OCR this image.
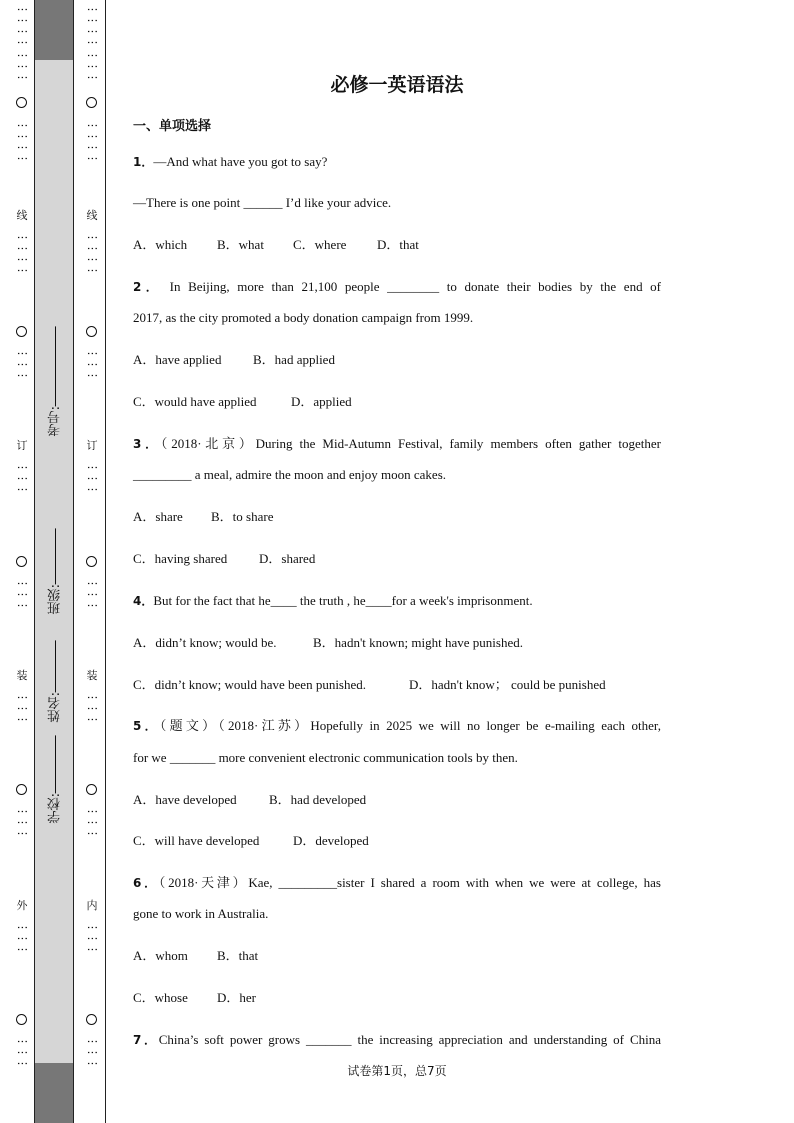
⋮⋮⋮⋮
⋮⋮⋮
⋮⋮⋮⋮
线
⋮⋮⋮⋮
⋮⋮⋮
订
⋮⋮⋮
⋮⋮⋮
装
⋮⋮⋮
⋮⋮⋮
外
⋮⋮⋮
⋮⋮⋮
学校:
姓名:
班级:
考号:
⋮⋮⋮⋮
⋮⋮⋮
⋮⋮⋮⋮
线
⋮⋮⋮⋮
⋮⋮⋮
订
⋮⋮⋮
⋮⋮⋮
装
⋮⋮⋮
⋮⋮⋮
内
⋮⋮⋮
⋮⋮⋮
必修一英语语法
一、单项选择
1．—And what have you got to say?
—There is one point ______ I’d like your advice.
A．which B．what C．where D．that
2． In Beijing, more than 21,100 people ________ to donate their bodies by the end of
2017, as the city promoted a body donation campaign from 1999.
A．have applied B．had applied
C．would have applied	D．applied
3．（2018·北京）During the Mid-Autumn Festival, family members often gather together
_________ a meal, admire the moon and enjoy moon cakes.
A．share B．to share
C．having shared D．shared
4．But for the fact that he____ the truth , he____for a week's imprisonment.
A．didn’t know; would be.	B．hadn't known; might have punished.
C．didn’t know; would have been punished.	D．hadn't know； could be punished
5．（题文）（2018·江苏）Hopefully in 2025 we will no longer be e-mailing each other,
for we _______ more convenient electronic communication tools by then.
A．have developed B．had developed
C．will have developed	D．developed
6．（2018·天津）Kae, _________sister I shared a room with when we were at college, has
gone to work in Australia.
A．whom B．that
C．whose D．her
7．China’s soft power grows _______ the increasing appreciation and understanding of China
试卷第1页，总7页
